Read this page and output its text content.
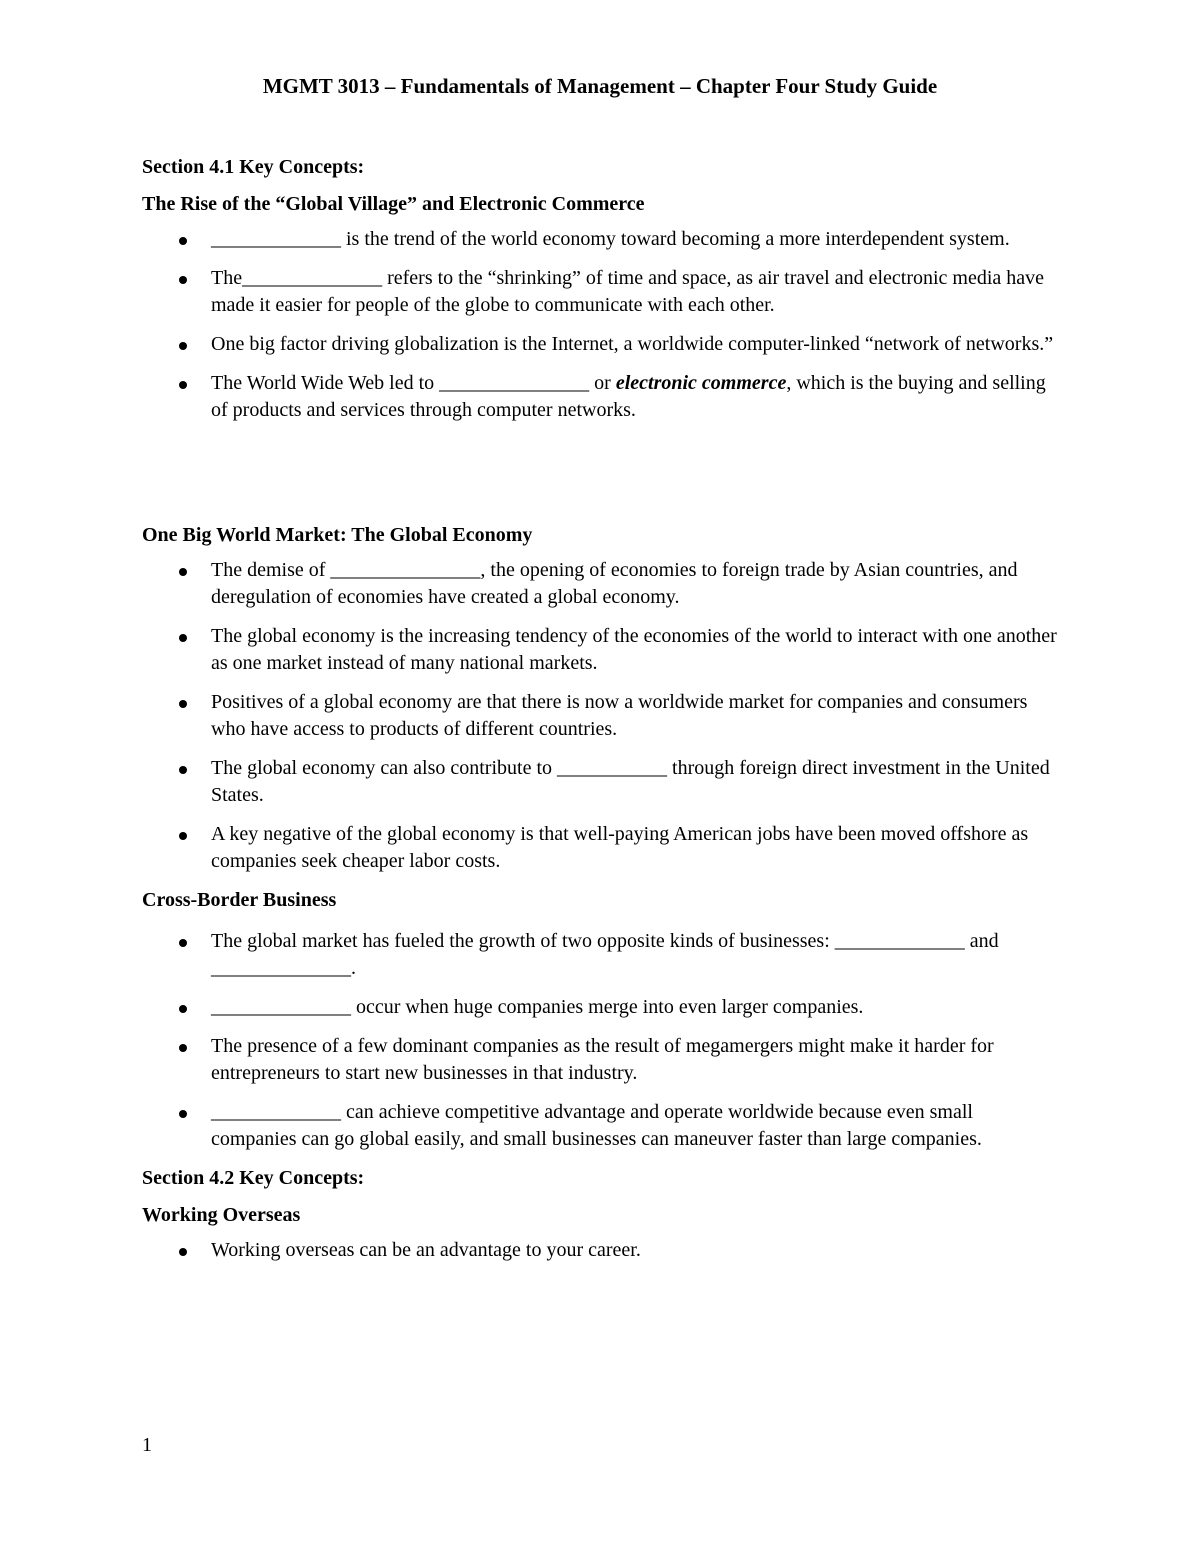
MGMT 3013 – Fundamentals of Management – Chapter Four Study Guide
Section 4.1 Key Concepts:
The Rise of the “Global Village” and Electronic Commerce
_____________ is the trend of the world economy toward becoming a more interdependent system.
The______________ refers to the “shrinking” of time and space, as air travel and electronic media have made it easier for people of the globe to communicate with each other.
One big factor driving globalization is the Internet, a worldwide computer-linked “network of networks.”
The World Wide Web led to _______________ or electronic commerce, which is the buying and selling of products and services through computer networks.
One Big World Market: The Global Economy
The demise of _______________, the opening of economies to foreign trade by Asian countries, and deregulation of economies have created a global economy.
The global economy is the increasing tendency of the economies of the world to interact with one another as one market instead of many national markets.
Positives of a global economy are that there is now a worldwide market for companies and consumers who have access to products of different countries.
The global economy can also contribute to ___________ through foreign direct investment in the United States.
A key negative of the global economy is that well-paying American jobs have been moved offshore as companies seek cheaper labor costs.
Cross-Border Business
The global market has fueled the growth of two opposite kinds of businesses: _____________ and ______________.
______________ occur when huge companies merge into even larger companies.
The presence of a few dominant companies as the result of megamergers might make it harder for entrepreneurs to start new businesses in that industry.
_____________ can achieve competitive advantage and operate worldwide because even small companies can go global easily, and small businesses can maneuver faster than large companies.
Section 4.2 Key Concepts:
Working Overseas
Working overseas can be an advantage to your career.
1
